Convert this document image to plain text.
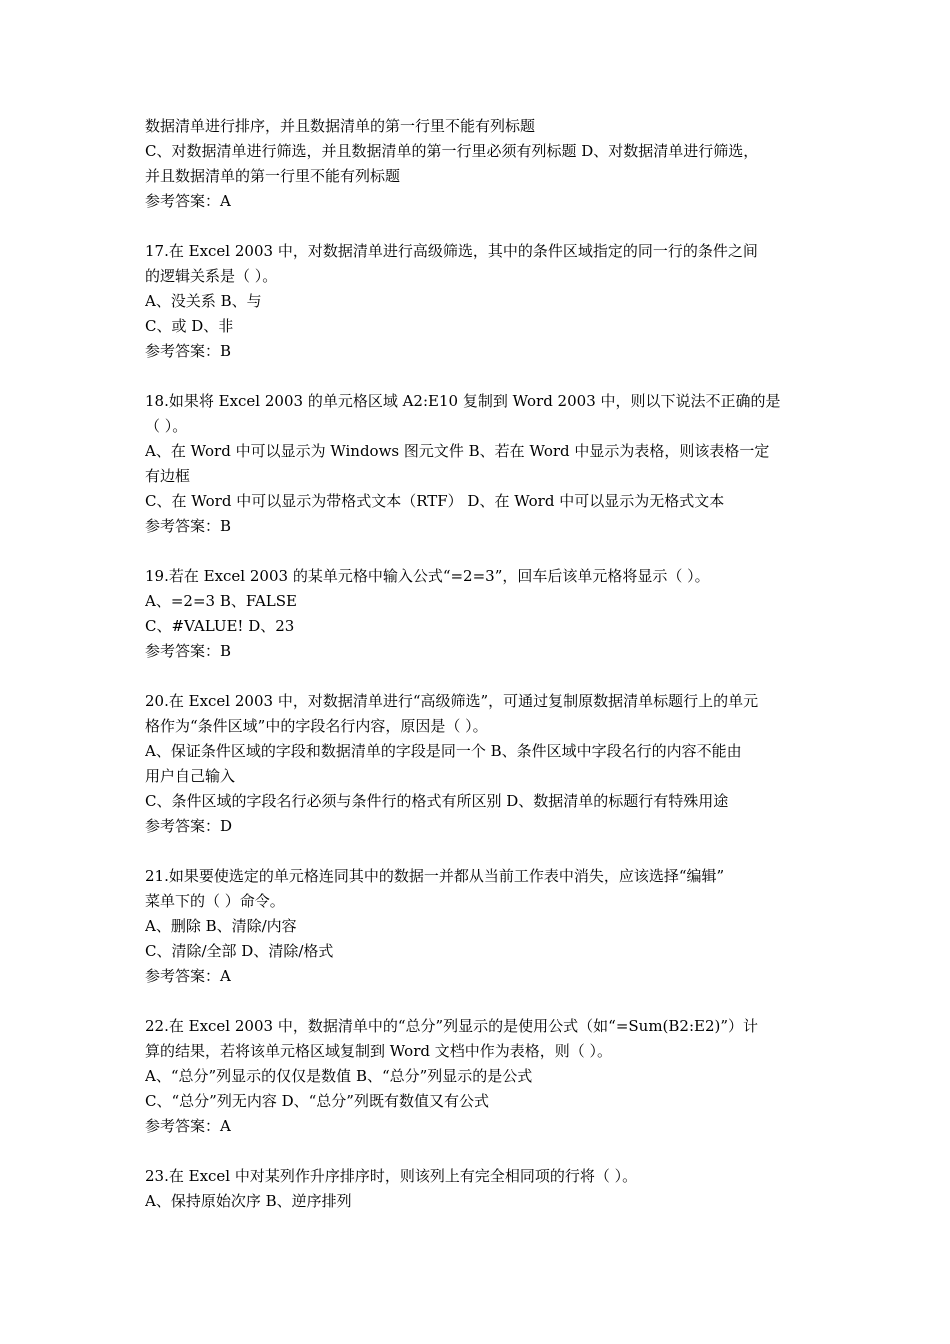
数据清单进行排序，并且数据清单的第一行里不能有列标题
C、对数据清单进行筛选，并且数据清单的第一行里必须有列标题 D、对数据清单进行筛选，
并且数据清单的第一行里不能有列标题
参考答案：A
17.在 Excel 2003 中，对数据清单进行高级筛选，其中的条件区域指定的同一行的条件之间
的逻辑关系是（ ）。
A、没关系 B、与
C、或 D、非
参考答案：B
18.如果将 Excel 2003 的单元格区域 A2:E10 复制到 Word 2003 中，则以下说法不正确的是
（ ）。
A、在 Word 中可以显示为 Windows 图元文件 B、若在 Word 中显示为表格，则该表格一定
有边框
C、在 Word 中可以显示为带格式文本（RTF） D、在 Word 中可以显示为无格式文本
参考答案：B
19.若在 Excel 2003 的某单元格中输入公式“=2=3”，回车后该单元格将显示（ ）。
A、=2=3 B、FALSE
C、#VALUE! D、23
参考答案：B
20.在 Excel 2003 中，对数据清单进行“高级筛选”，可通过复制原数据清单标题行上的单元
格作为“条件区域”中的字段名行内容，原因是（ ）。
A、保证条件区域的字段和数据清单的字段是同一个 B、条件区域中字段名行的内容不能由
用户自己输入
C、条件区域的字段名行必须与条件行的格式有所区别 D、数据清单的标题行有特殊用途
参考答案：D
21.如果要使选定的单元格连同其中的数据一并都从当前工作表中消失，应该选择“编辑”
菜单下的（ ）命令。
A、删除 B、清除/内容
C、清除/全部 D、清除/格式
参考答案：A
22.在 Excel 2003 中，数据清单中的“总分”列显示的是使用公式（如“=Sum(B2:E2)”）计
算的结果，若将该单元格区域复制到 Word 文档中作为表格，则（ ）。
A、“总分”列显示的仅仅是数值 B、“总分”列显示的是公式
C、“总分”列无内容 D、“总分”列既有数值又有公式
参考答案：A
23.在 Excel 中对某列作升序排序时，则该列上有完全相同项的行将（ ）。
A、保持原始次序 B、逆序排列
